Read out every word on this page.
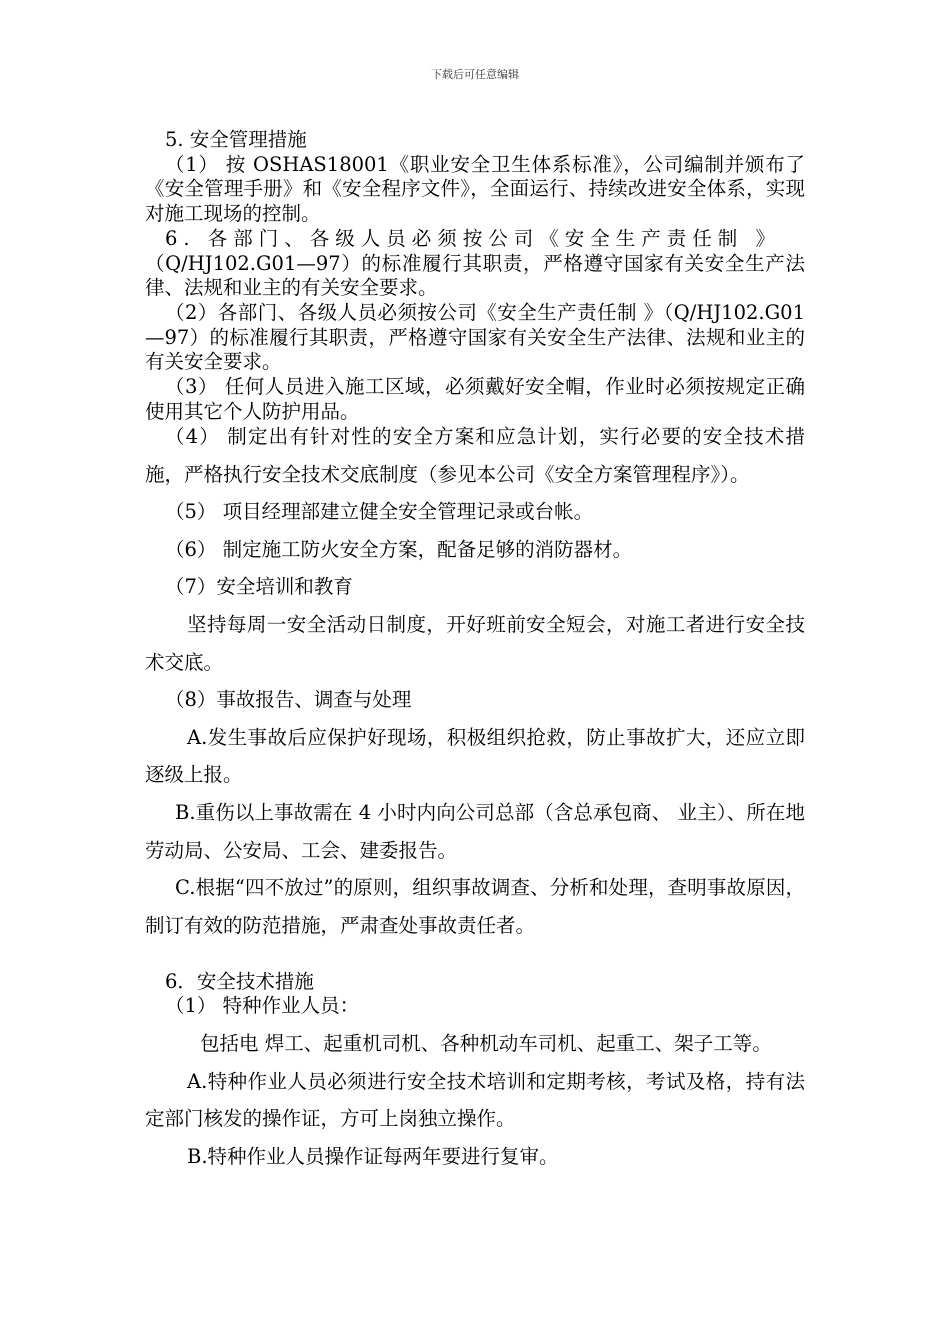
下载后可任意编辑

5. 安全管理措施

（1） 按 OSHAS18001《职业安全卫生体系标准》，公司编制并颁布了《安全管理手册》和《安全程序文件》，全面运行、持续改进安全体系，实现对施工现场的控制。

6. 各部门、各级人员必须按公司《安全生产责任制 》

（Q/HJ102.G01—97）的标准履行其职责，严格遵守国家有关安全生产法律、法规和业主的有关安全要求。

（2）各部门、各级人员必须按公司《安全生产责任制 》（Q/HJ102.G01—97）的标准履行其职责，严格遵守国家有关安全生产法律、法规和业主的有关安全要求。

（3） 任何人员进入施工区域，必须戴好安全帽，作业时必须按规定正确使用其它个人防护用品。

（4） 制定出有针对性的安全方案和应急计划，实行必要的安全技术措施，严格执行安全技术交底制度（参见本公司《安全方案管理程序》）。

（5） 项目经理部建立健全安全管理记录或台帐。

（6） 制定施工防火安全方案，配备足够的消防器材。

（7）安全培训和教育

坚持每周一安全活动日制度，开好班前安全短会，对施工者进行安全技术交底。

（8）事故报告、调查与处理

A.发生事故后应保护好现场，积极组织抢救，防止事故扩大，还应立即逐级上报。

B.重伤以上事故需在 4 小时内向公司总部（含总承包商、 业主）、所在地劳动局、公安局、工会、建委报告。

C.根据“四不放过”的原则，组织事故调查、分析和处理，查明事故原因，制订有效的防范措施，严肃查处事故责任者。

6．安全技术措施

（1） 特种作业人员：

包括电 焊工、起重机司机、各种机动车司机、起重工、架子工等。

A.特种作业人员必须进行安全技术培训和定期考核，考试及格，持有法定部门核发的操作证，方可上岗独立操作。

B.特种作业人员操作证每两年要进行复审。
